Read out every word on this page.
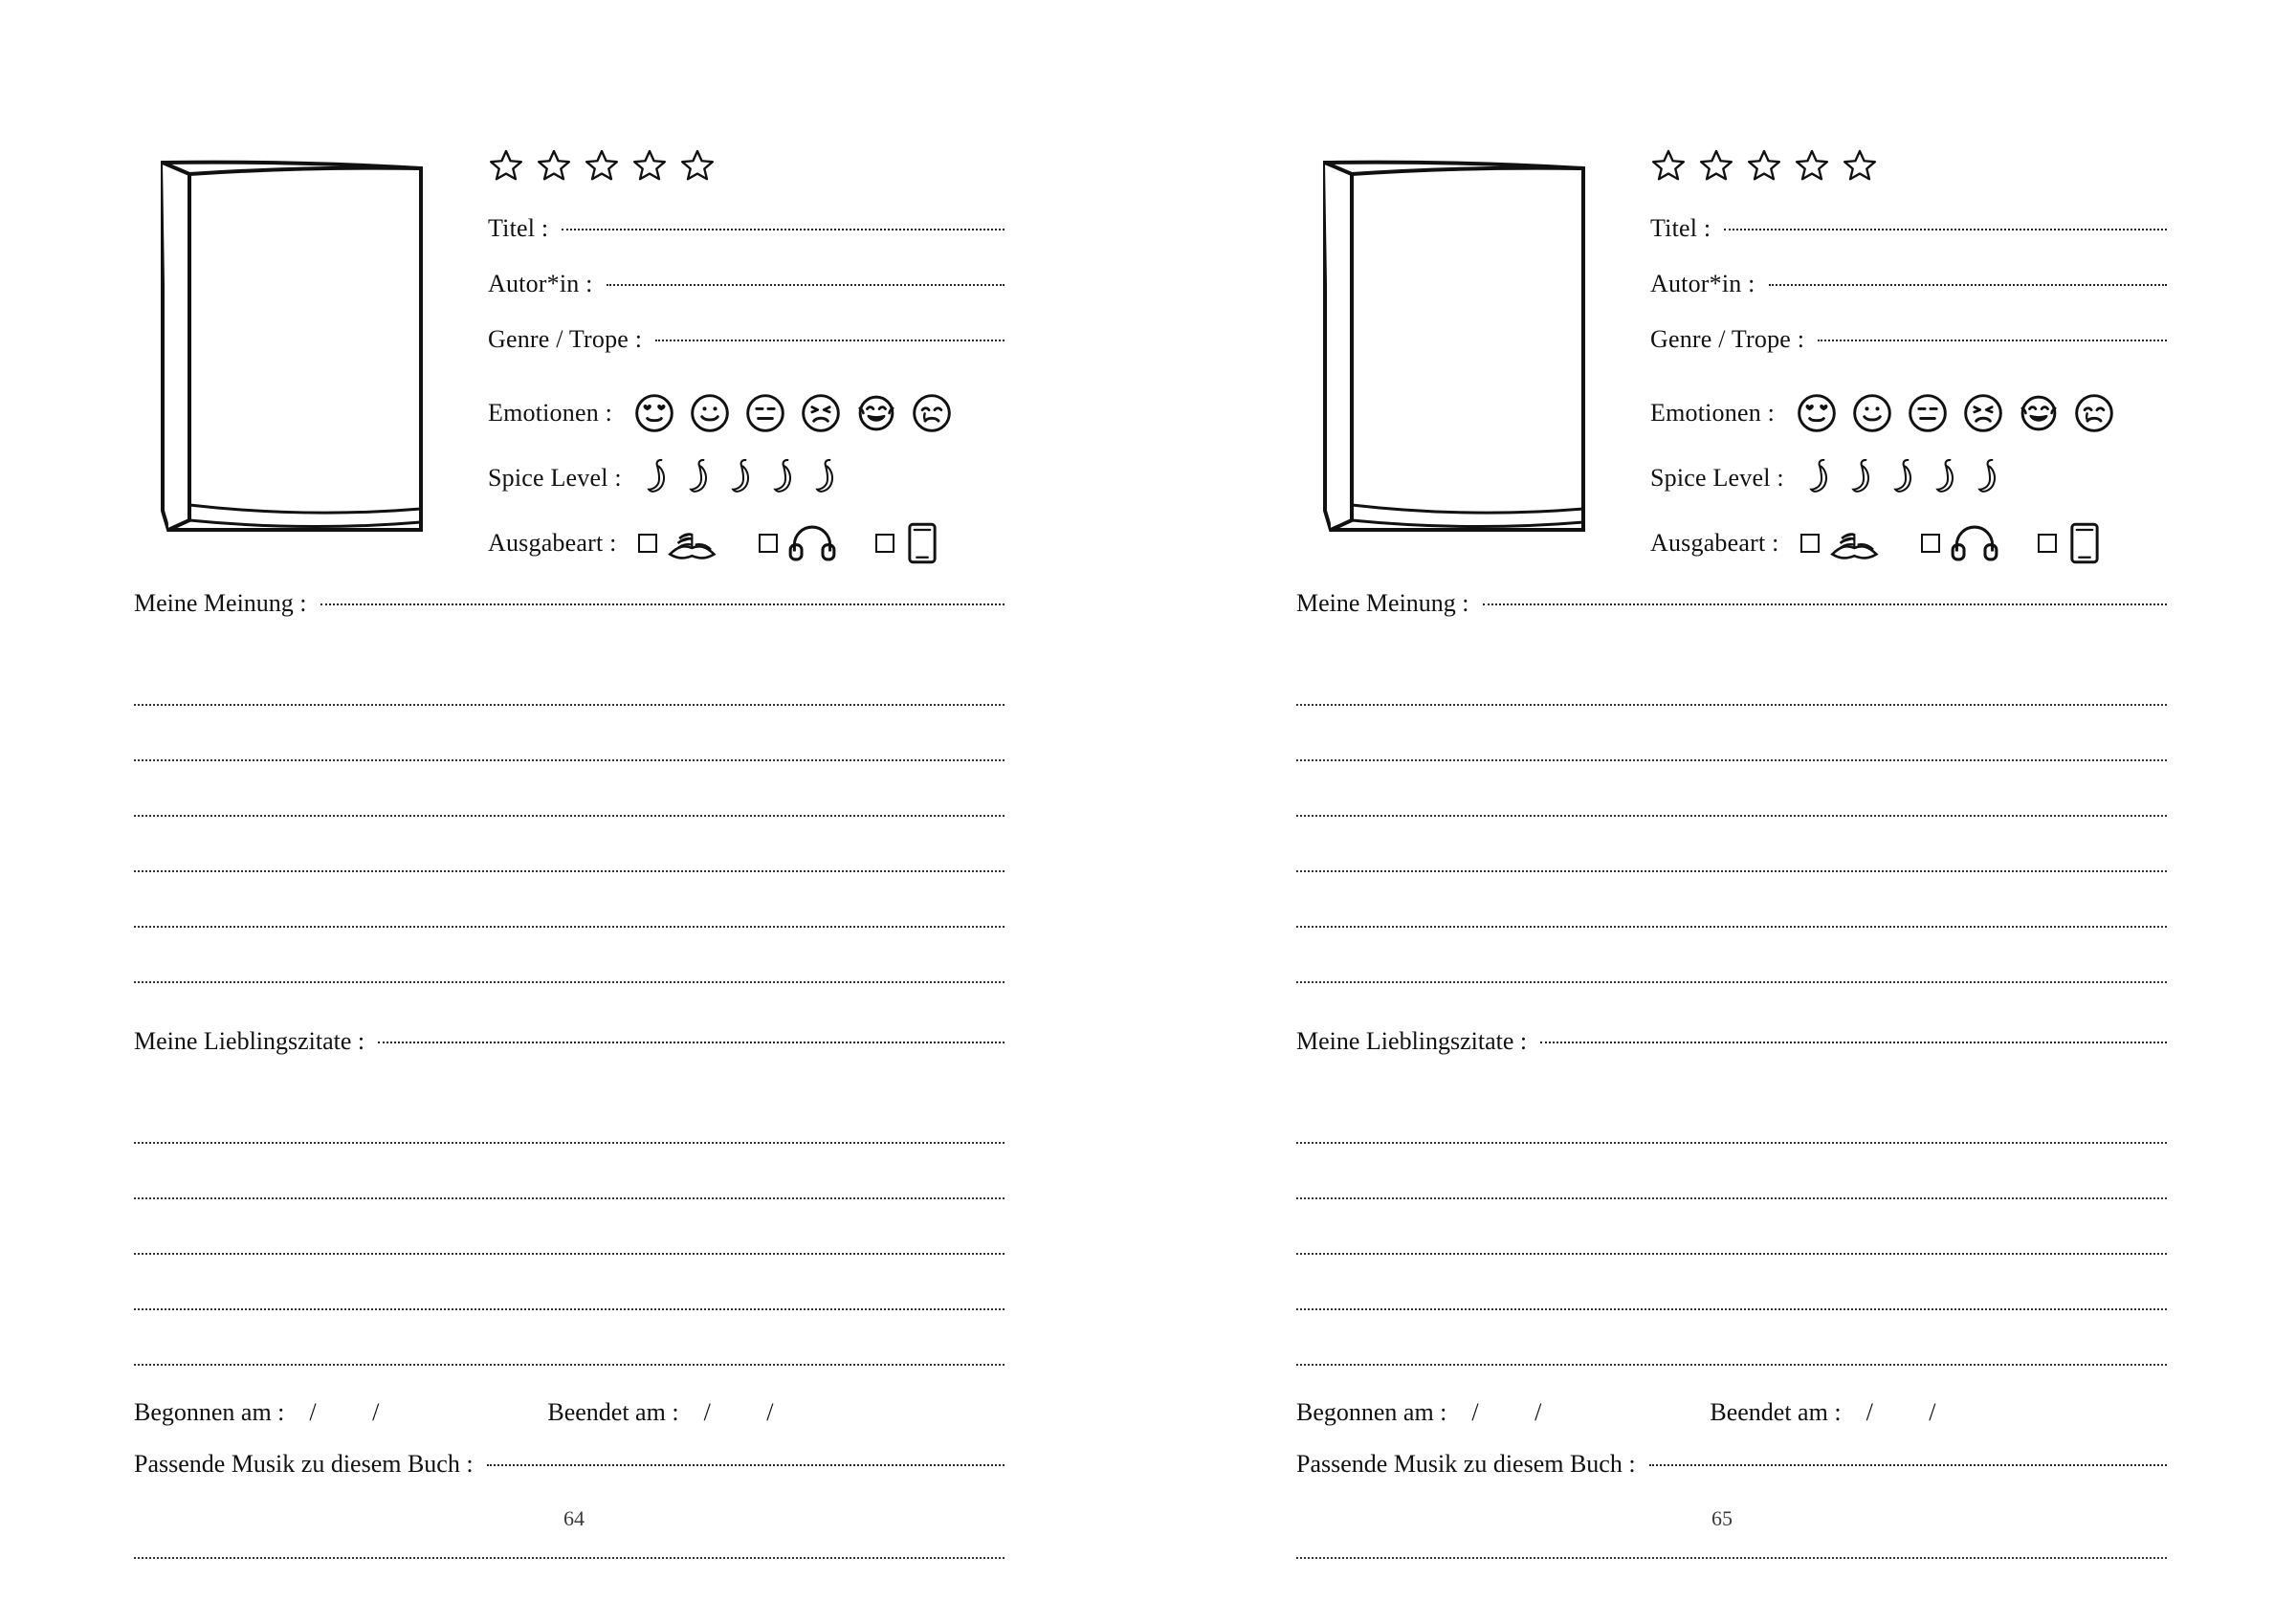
Titel :
Autor*in :
Genre / Trope :
Emotionen :
Spice Level :
Ausgabeart :
Meine Meinung :
Meine Lieblingszitate :
Begonnen am : / /	Beendet am : / /
Passende Musik zu diesem Buch :
64
Titel :
Autor*in :
Genre / Trope :
Emotionen :
Spice Level :
Ausgabeart :
Meine Meinung :
Meine Lieblingszitate :
Begonnen am : / /	Beendet am : / /
Passende Musik zu diesem Buch :
65
